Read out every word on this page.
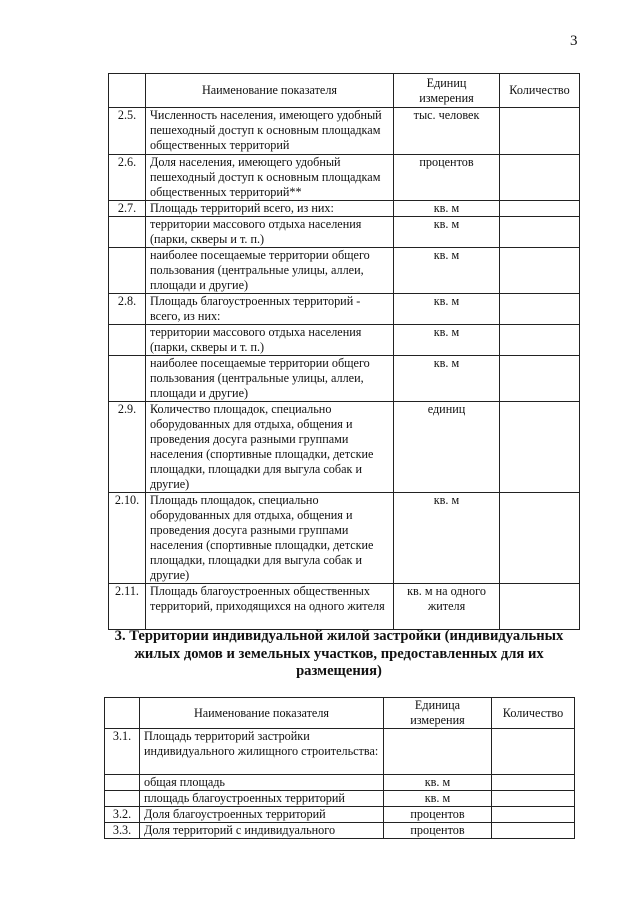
3
	Наименование показателя	Единиц измерения	Количество
2.5.	Численность населения, имеющего удобный пешеходный доступ к основным площадкам общественных территорий	тыс. человек	
2.6.	Доля населения, имеющего удобный пешеходный доступ к основным площадкам общественных территорий**	процентов	
2.7.	Площадь территорий всего, из них:	кв. м	
	территории массового отдыха населения (парки, скверы и т. п.)	кв. м	
	наиболее посещаемые территории общего пользования (центральные улицы, аллеи, площади и другие)	кв. м	
2.8.	Площадь благоустроенных территорий - всего, из них:	кв. м	
	территории массового отдыха населения (парки, скверы и т. п.)	кв. м	
	наиболее посещаемые территории общего пользования (центральные улицы, аллеи, площади и другие)	кв. м	
2.9.	Количество площадок, специально оборудованных для отдыха, общения и проведения досуга разными группами населения (спортивные площадки, детские площадки, площадки для выгула собак и другие)	единиц	
2.10.	Площадь площадок, специально оборудованных для отдыха, общения и проведения досуга разными группами населения (спортивные площадки, детские площадки, площадки для выгула собак и другие)	кв. м	
2.11.	Площадь благоустроенных общественных территорий, приходящихся на одного жителя	кв. м на одного жителя	
3. Территории индивидуальной жилой застройки (индивидуальных жилых домов и земельных участков, предоставленных для их размещения)
	Наименование показателя	Единица измерения	Количество
3.1.	Площадь территорий застройки индивидуального жилищного строительства:		
	общая площадь	кв. м	
	площадь благоустроенных территорий	кв. м	
3.2.	Доля благоустроенных территорий	процентов	
3.3.	Доля территорий с индивидуального	процентов	
